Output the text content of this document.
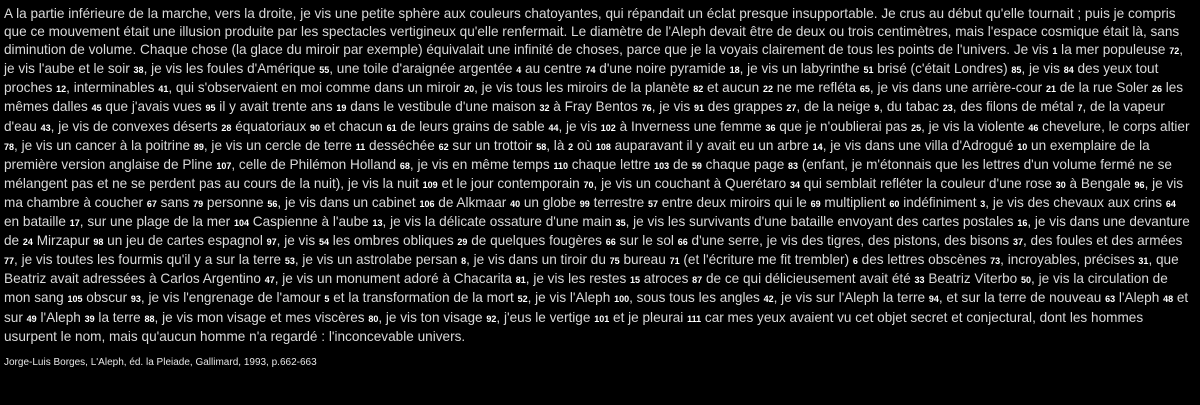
A la partie inférieure de la marche, vers la droite, je vis une petite sphère aux couleurs chatoyantes, qui répandait un éclat presque insupportable. Je crus au début qu'elle tournait ; puis je compris que ce mouvement était une illusion produite par les spectacles vertigineux qu'elle renfermait. Le diamètre de l'Aleph devait être de deux ou trois centimètres, mais l'espace cosmique était là, sans diminution de volume. Chaque chose (la glace du miroir par exemple) équivalait une infinité de choses, parce que je la voyais clairement de tous les points de l'univers. Je vis 1 la mer populeuse 72, je vis l'aube et le soir 38, je vis les foules d'Amérique 55, une toile d'araignée argentée 4 au centre 74 d'une noire pyramide 18, je vis un labyrinthe 51 brisé (c'était Londres) 85, je vis 84 des yeux tout proches 12, interminables 41, qui s'observaient en moi comme dans un miroir 20, je vis tous les miroirs de la planète 82 et aucun 22 ne me refléta 65, je vis dans une arrière-cour 21 de la rue Soler 26 les mêmes dalles 45 que j'avais vues 95 il y avait trente ans 19 dans le vestibule d'une maison 32 à Fray Bentos 76, je vis 91 des grappes 27, de la neige 9, du tabac 23, des filons de métal 7, de la vapeur d'eau 43, je vis de convexes déserts 28 équatoriaux 90 et chacun 61 de leurs grains de sable 44, je vis 102 à Inverness une femme 36 que je n'oublierai pas 25, je vis la violente 46 chevelure, le corps altier 78, je vis un cancer à la poitrine 89, je vis un cercle de terre 11 desséchée 62 sur un trottoir 58, là 2 où 108 auparavant il y avait eu un arbre 14, je vis dans une villa d'Adrogué 10 un exemplaire de la première version anglaise de Pline 107, celle de Philémon Holland 68, je vis en même temps 110 chaque lettre 103 de 59 chaque page 83 (enfant, je m'étonnais que les lettres d'un volume fermé ne se mélangent pas et ne se perdent pas au cours de la nuit), je vis la nuit 109 et le jour contemporain 70, je vis un couchant à Querétaro 34 qui semblait refléter la couleur d'une rose 30 à Bengale 96, je vis ma chambre à coucher 67 sans 79 personne 56, je vis dans un cabinet 106 de Alkmaar 40 un globe 99 terrestre 57 entre deux miroirs qui le 69 multiplient 60 indéfiniment 3, je vis des chevaux aux crins 64 en bataille 17, sur une plage de la mer 104 Caspienne à l'aube 13, je vis la délicate ossature d'une main 35, je vis les survivants d'une bataille envoyant des cartes postales 16, je vis dans une devanture de 24 Mirzapur 98 un jeu de cartes espagnol 97, je vis 54 les ombres obliques 29 de quelques fougères 66 sur le sol 66 d'une serre, je vis des tigres, des pistons, des bisons 37, des foules et des armées 77, je vis toutes les fourmis qu'il y a sur la terre 53, je vis un astrolabe persan 8, je vis dans un tiroir du 75 bureau 71 (et l'écriture me fit trembler) 6 des lettres obscènes 73, incroyables, précises 31, que Beatriz avait adressées à Carlos Argentino 47, je vis un monument adoré à Chacarita 81, je vis les restes 15 atroces 87 de ce qui délicieusement avait été 33 Beatriz Viterbo 50, je vis la circulation de mon sang 105 obscur 93, je vis l'engrenage de l'amour 5 et la transformation de la mort 52, je vis l'Aleph 100, sous tous les angles 42, je vis sur l'Aleph la terre 94, et sur la terre de nouveau 63 l'Aleph 48 et sur 49 l'Aleph 39 la terre 88, je vis mon visage et mes viscères 80, je vis ton visage 92, j'eus le vertige 101 et je pleurai 111 car mes yeux avaient vu cet objet secret et conjectural, dont les hommes usurpent le nom, mais qu'aucun homme n'a regardé : l'inconcevable univers.

Jorge-Luis Borges, L'Aleph, éd. la Pleiade, Gallimard, 1993, p.662-663
